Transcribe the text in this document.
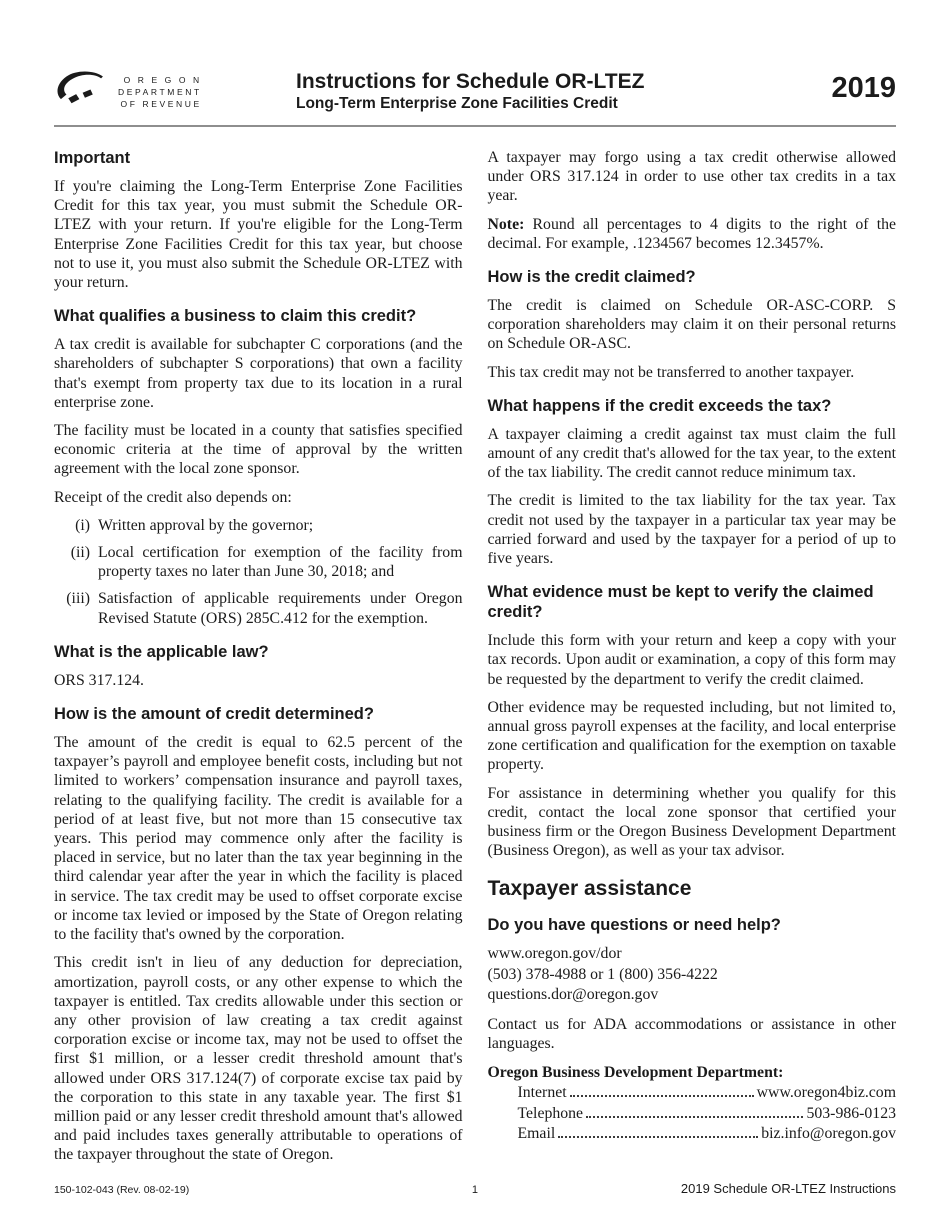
O R E G O N
DEPARTMENT
OF REVENUE
Instructions for Schedule OR-LTEZ
Long-Term Enterprise Zone Facilities Credit	2019
Important

If you're claiming the Long-Term Enterprise Zone Facilities Credit for this tax year, you must submit the Schedule OR-LTEZ with your return. If you're eligible for the Long-Term Enterprise Zone Facilities Credit for this tax year, but choose not to use it, you must also submit the Schedule OR-LTEZ with your return.

What qualifies a business to claim this credit?

A tax credit is available for subchapter C corporations (and the shareholders of subchapter S corporations) that own a facility that's exempt from property tax due to its location in a rural enterprise zone.

The facility must be located in a county that satisfies specified economic criteria at the time of approval by the written agreement with the local zone sponsor.

Receipt of the credit also depends on:

(i) Written approval by the governor;
(ii) Local certification for exemption of the facility from property taxes no later than June 30, 2018; and
(iii) Satisfaction of applicable requirements under Oregon Revised Statute (ORS) 285C.412 for the exemption.
What is the applicable law?

ORS 317.124.

How is the amount of credit determined?

The amount of the credit is equal to 62.5 percent of the taxpayer’s payroll and employee benefit costs, including but not limited to workers’ compensation insurance and payroll taxes, relating to the qualifying facility. The credit is available for a period of at least five, but not more than 15 consecutive tax years. This period may commence only after the facility is placed in service, but no later than the tax year beginning in the third calendar year after the year in which the facility is placed in service. The tax credit may be used to offset corporate excise or income tax levied or imposed by the State of Oregon relating to the facility that's owned by the corporation.

This credit isn't in lieu of any deduction for depreciation, amortization, payroll costs, or any other expense to which the taxpayer is entitled. Tax credits allowable under this section or any other provision of law creating a tax credit against corporation excise or income tax, may not be used to offset the first $1 million, or a lesser credit threshold amount that's allowed under ORS 317.124(7) of corporate excise tax paid by the corporation to this state in any taxable year. The first $1 million paid or any lesser credit threshold amount that's allowed and paid includes taxes generally attributable to operations of the taxpayer throughout the state of Oregon.

A taxpayer may forgo using a tax credit otherwise allowed under ORS 317.124 in order to use other tax credits in a tax year.

Note: Round all percentages to 4 digits to the right of the decimal. For example, .1234567 becomes 12.3457%.

How is the credit claimed?

The credit is claimed on Schedule OR-ASC-CORP. S corporation shareholders may claim it on their personal returns on Schedule OR-ASC.

This tax credit may not be transferred to another taxpayer.

What happens if the credit exceeds the tax?

A taxpayer claiming a credit against tax must claim the full amount of any credit that's allowed for the tax year, to the extent of the tax liability. The credit cannot reduce minimum tax.

The credit is limited to the tax liability for the tax year. Tax credit not used by the taxpayer in a particular tax year may be carried forward and used by the taxpayer for a period of up to five years.

What evidence must be kept to verify the claimed credit?

Include this form with your return and keep a copy with your tax records. Upon audit or examination, a copy of this form may be requested by the department to verify the credit claimed.

Other evidence may be requested including, but not limited to, annual gross payroll expenses at the facility, and local enterprise zone certification and qualification for the exemption on taxable property.

For assistance in determining whether you qualify for this credit, contact the local zone sponsor that certified your business firm or the Oregon Business Development Department (Business Oregon), as well as your tax advisor.

Taxpayer assistance
Do you have questions or need help?
www.oregon.gov/dor
(503) 378-4988 or 1 (800) 356-4222
questions.dor@oregon.gov

Contact us for ADA accommodations or assistance in other languages.

Oregon Business Development Department:
Internet	www.oregon4biz.com
Telephone	503-986-0123
Email	biz.info@oregon.gov
150-102-043 (Rev. 08-02-19)	1	2019 Schedule OR-LTEZ Instructions
